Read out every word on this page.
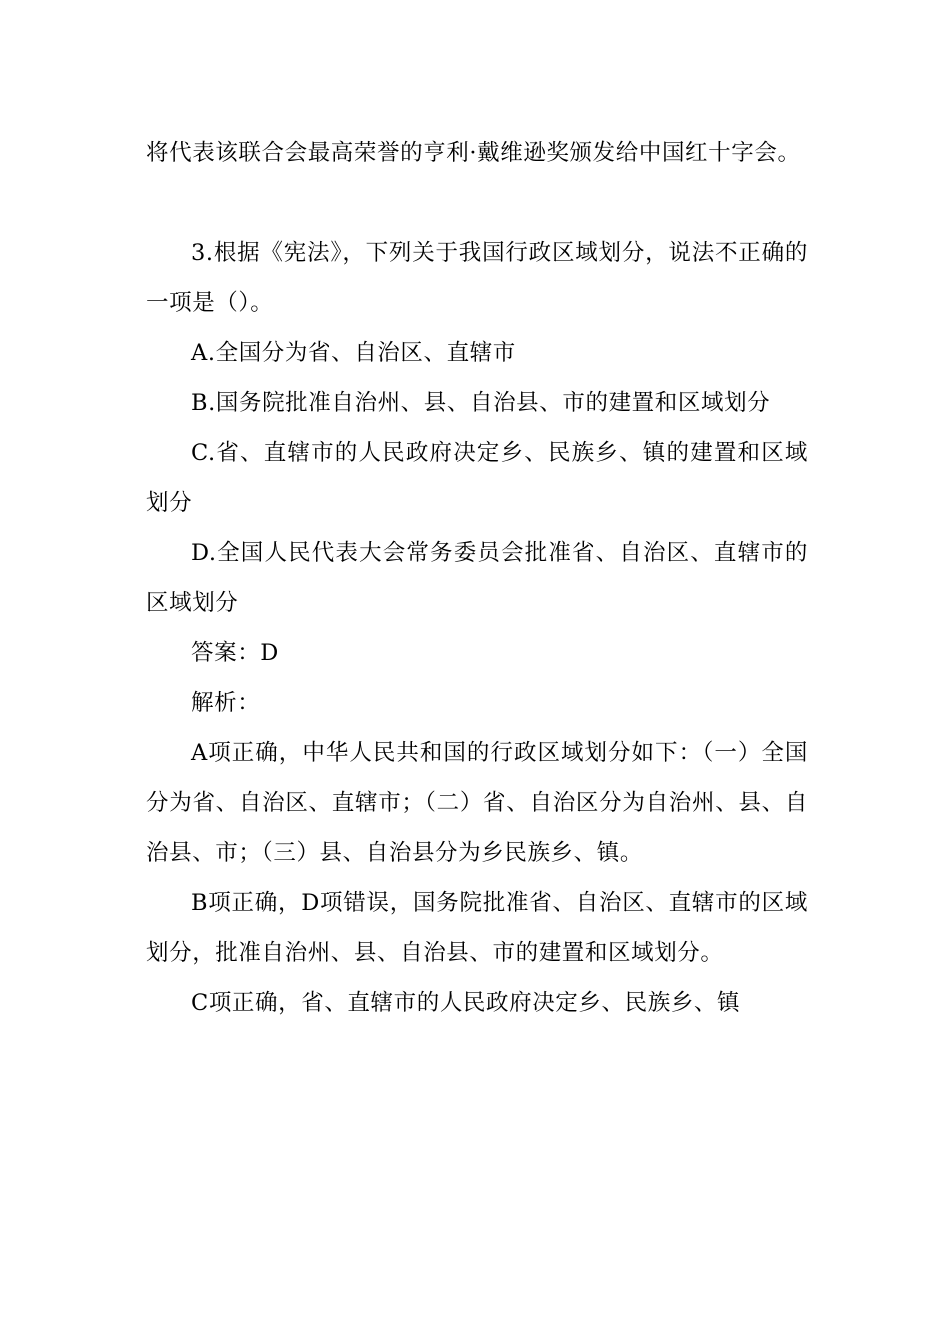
将代表该联合会最高荣誉的亨利·戴维逊奖颁发给中国红十字会。

3.根据《宪法》，下列关于我国行政区域划分，说法不正确的一项是（）。

A.全国分为省、自治区、直辖市

B.国务院批准自治州、县、自治县、市的建置和区域划分

C.省、直辖市的人民政府决定乡、民族乡、镇的建置和区域划分

D.全国人民代表大会常务委员会批准省、自治区、直辖市的区域划分

答案：D

解析：

A项正确，中华人民共和国的行政区域划分如下：（一）全国分为省、自治区、直辖市；（二）省、自治区分为自治州、县、自治县、市；（三）县、自治县分为乡民族乡、镇。

B项正确，D项错误，国务院批准省、自治区、直辖市的区域划分，批准自治州、县、自治县、市的建置和区域划分。

C项正确，省、直辖市的人民政府决定乡、民族乡、镇
